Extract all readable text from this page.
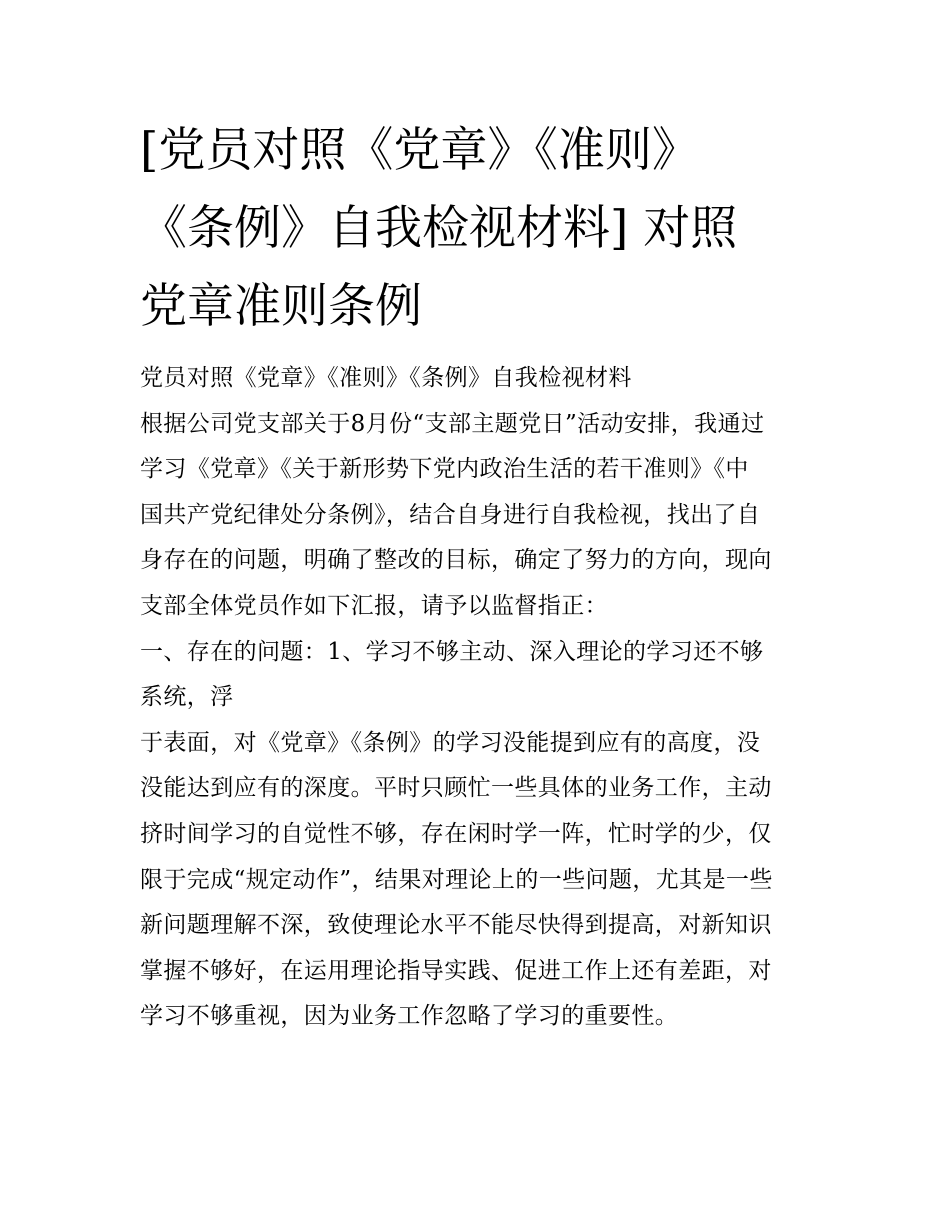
[党员对照《党章》《准则》
《条例》自我检视材料] 对照
党章准则条例
党员对照《党章》《准则》《条例》自我检视材料
根据公司党支部关于8月份“支部主题党日”活动安排，我通过
学习《党章》《关于新形势下党内政治生活的若干准则》《中
国共产党纪律处分条例》，结合自身进行自我检视，找出了自
身存在的问题，明确了整改的目标，确定了努力的方向，现向
支部全体党员作如下汇报，请予以监督指正：
一、存在的问题：1、学习不够主动、深入理论的学习还不够
系统，浮
于表面，对《党章》《条例》的学习没能提到应有的高度，没
没能达到应有的深度。平时只顾忙一些具体的业务工作，主动
挤时间学习的自觉性不够，存在闲时学一阵，忙时学的少，仅
限于完成“规定动作”，结果对理论上的一些问题，尤其是一些
新问题理解不深，致使理论水平不能尽快得到提高，对新知识
掌握不够好，在运用理论指导实践、促进工作上还有差距，对
学习不够重视，因为业务工作忽略了学习的重要性。
